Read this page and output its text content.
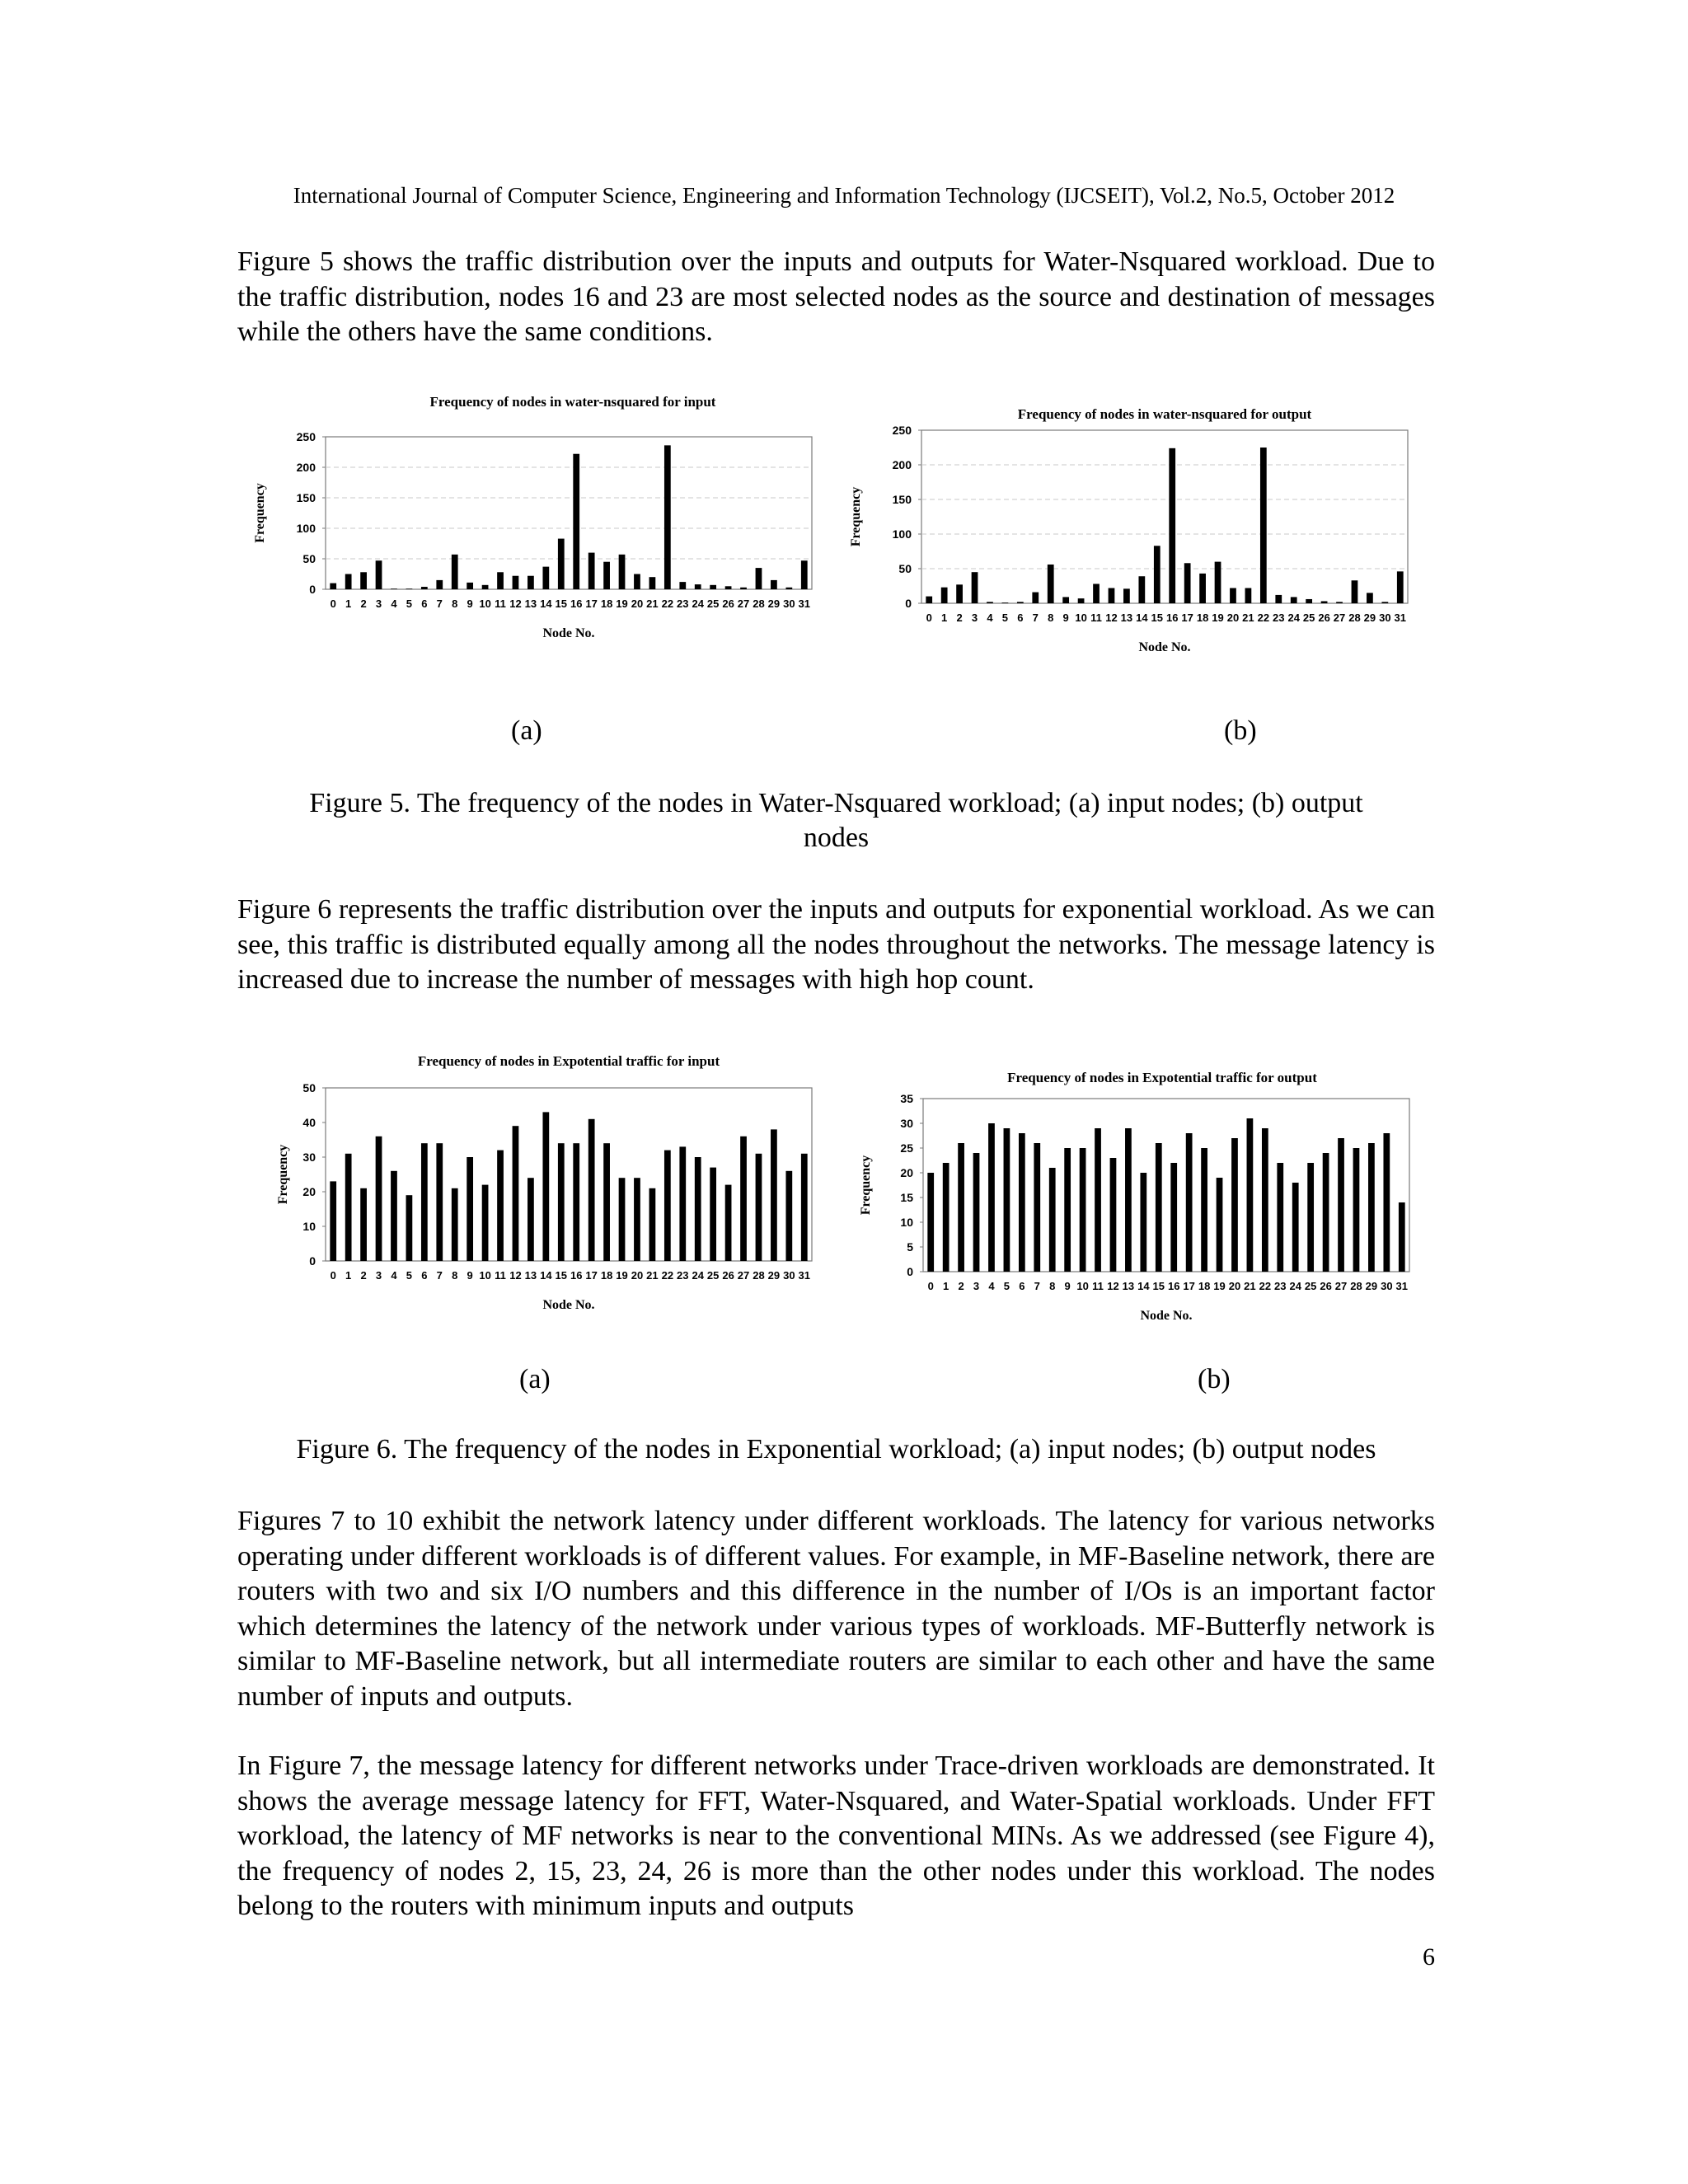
International Journal of Computer Science, Engineering and Information Technology (IJCSEIT), Vol.2, No.5, October 2012

Figure 5 shows the traffic distribution over the inputs and outputs for Water-Nsquared workload. Due to the traffic distribution, nodes 16 and 23 are most selected nodes as the source and destination of messages while the others have the same conditions.

0
50
100
150
200
250
0 1 2 3 4 5 6 7 8 9 10 11 12 13 14 15 16 17 18 19 20 21 22 23 24 25 26 27 28 29 30 31
Frequency of nodes in water-nsquared for input
Node No.
Frequency
0
50
100
150
200
250
0 1 2 3 4 5 6 7 8 9 10 11 12 13 14 15 16 17 18 19 20 21 22 23 24 25 26 27 28 29 30 31
Frequency of nodes in water-nsquared for output
Node No.
Frequency
(a)	(b)

Figure 5. The frequency of the nodes in Water-Nsquared workload; (a) input nodes; (b) output

nodes

Figure 6 represents the traffic distribution over the inputs and outputs for exponential workload. As we can see, this traffic is distributed equally among all the nodes throughout the networks. The message latency is increased due to increase the number of messages with high hop count.

0
10
20
30
40
50
0 1 2 3 4 5 6 7 8 9 10 11 12 13 14 15 16 17 18 19 20 21 22 23 24 25 26 27 28 29 30 31
Frequency of nodes in Expotential traffic for input
Node No.
Frequency
0
5
10
15
20
25
30
35
0 1 2 3 4 5 6 7 8 9 10 11 12 13 14 15 16 17 18 19 20 21 22 23 24 25 26 27 28 29 30 31
Frequency of nodes in Expotential traffic for output
Node No.
Frequency
(a)	(b)

Figure 6. The frequency of the nodes in Exponential workload; (a) input nodes; (b) output nodes

Figures 7 to 10 exhibit the network latency under different workloads. The latency for various networks operating under different workloads is of different values. For example, in MF-Baseline network, there are routers with two and six I/O numbers and this difference in the number of I/Os is an important factor which determines the latency of the network under various types of workloads. MF-Butterfly network is similar to MF-Baseline network, but all intermediate routers are similar to each other and have the same number of inputs and outputs.

In Figure 7, the message latency for different networks under Trace-driven workloads are demonstrated. It shows the average message latency for FFT, Water-Nsquared, and Water-Spatial workloads. Under FFT workload, the latency of MF networks is near to the conventional MINs. As we addressed (see Figure 4), the frequency of nodes 2, 15, 23, 24, 26 is more than the other nodes under this workload. The nodes belong to the routers with minimum inputs and outputs

6
